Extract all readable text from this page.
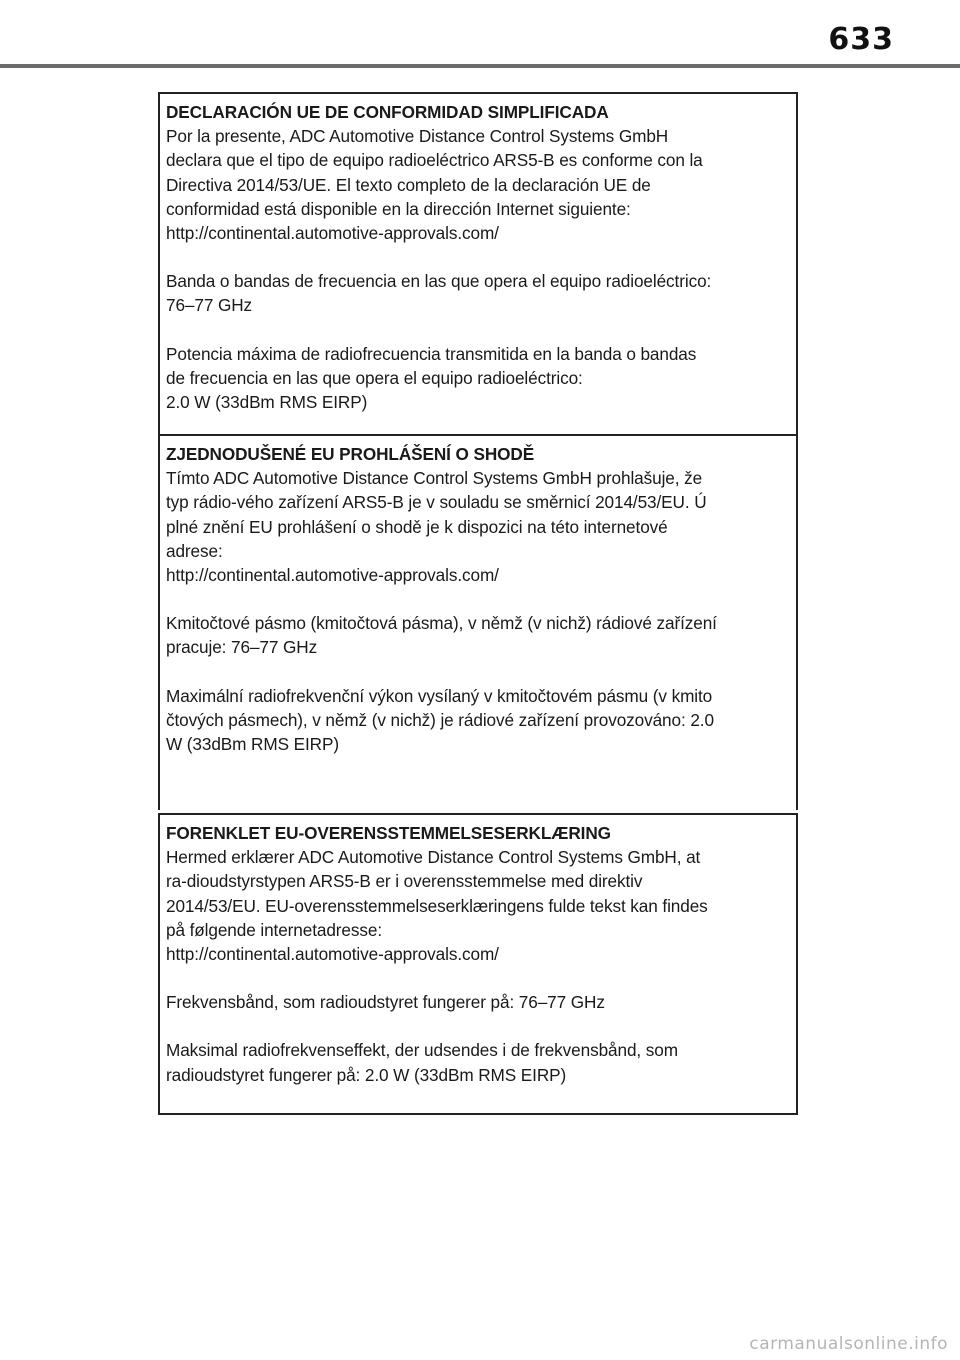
633
DECLARACIÓN UE DE CONFORMIDAD SIMPLIFICADA

Por la presente, ADC Automotive Distance Control Systems GmbH
declara que el tipo de equipo radioeléctrico ARS5-B es conforme con la
Directiva 2014/53/UE. El texto completo de la declaración UE de
conformidad está disponible en la dirección Internet siguiente:
http://continental.automotive-approvals.com/

Banda o bandas de frecuencia en las que opera el equipo radioeléctrico:
76–77 GHz

Potencia máxima de radiofrecuencia transmitida en la banda o bandas
de frecuencia en las que opera el equipo radioeléctrico:
2.0 W (33dBm RMS EIRP)

ZJEDNODUŠENÉ EU PROHLÁŠENÍ O SHODĚ

Tímto ADC Automotive Distance Control Systems GmbH prohlašuje, že
typ rádio-vého zařízení ARS5-B je v souladu se směrnicí 2014/53/EU. Ú
plné znění EU prohlášení o shodě je k dispozici na této internetové
adrese:
http://continental.automotive-approvals.com/

Kmitočtové pásmo (kmitočtová pásma), v němž (v nichž) rádiové zařízení
pracuje: 76–77 GHz

Maximální radiofrekvenční výkon vysílaný v kmitočtovém pásmu (v kmito
čtových pásmech), v němž (v nichž) je rádiové zařízení provozováno: 2.0
W (33dBm RMS EIRP)

FORENKLET EU-OVERENSSTEMMELSESERKLÆRING

Hermed erklærer ADC Automotive Distance Control Systems GmbH, at
ra-dioudstyrstypen ARS5-B er i overensstemmelse med direktiv
2014/53/EU. EU-overensstemmelseserklæringens fulde tekst kan findes
på følgende internetadresse:
http://continental.automotive-approvals.com/

Frekvensbånd, som radioudstyret fungerer på: 76–77 GHz

Maksimal radiofrekvenseffekt, der udsendes i de frekvensbånd, som
radioudstyret fungerer på: 2.0 W (33dBm RMS EIRP)

carmanualsonline.info
